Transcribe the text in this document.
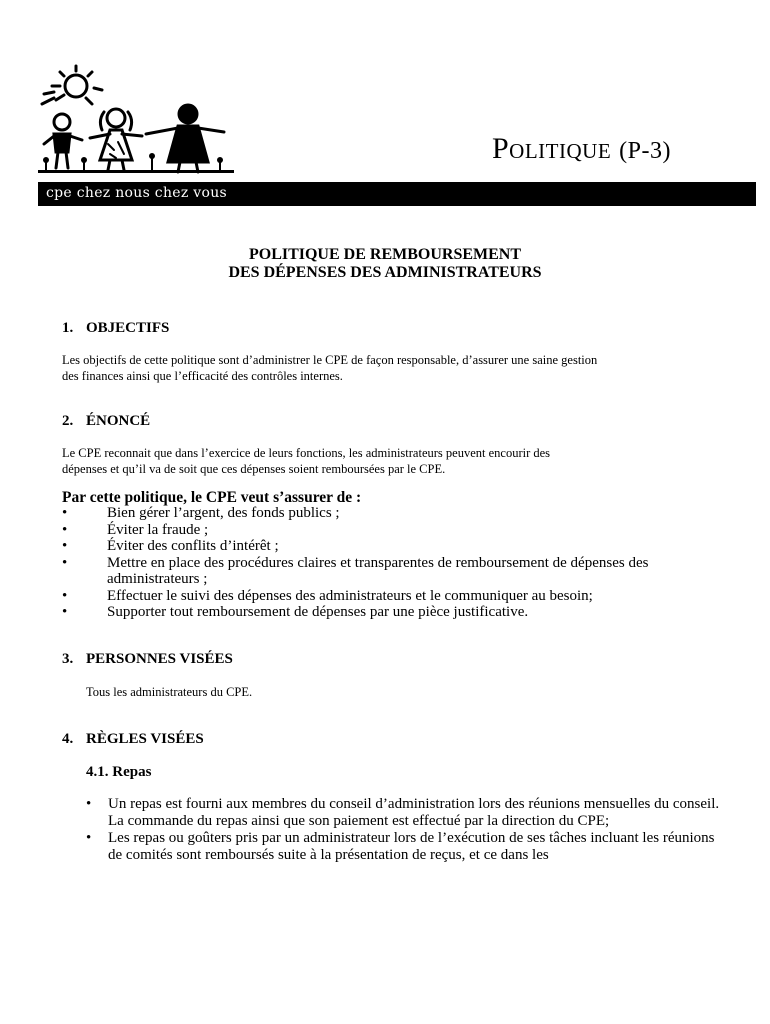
Politique (P-3)
cpe chez nous chez vous
POLITIQUE DE REMBOURSEMENT
DES DÉPENSES DES ADMINISTRATEURS
1. OBJECTIFS
Les objectifs de cette politique sont d’administrer le CPE de façon responsable, d’assurer une saine gestion
des finances ainsi que l’efficacité des contrôles internes.
2. ÉNONCÉ
Le CPE reconnait que dans l’exercice de leurs fonctions, les administrateurs peuvent encourir des
dépenses et qu’il va de soit que ces dépenses soient remboursées par le CPE.
Par cette politique, le CPE veut s’assurer de :
•	Bien gérer l’argent, des fonds publics ;
•	Éviter la fraude ;
•	Éviter des conflits d’intérêt ;
•	Mettre en place des procédures claires et transparentes de remboursement de dépenses des administrateurs ;
•	Effectuer le suivi des dépenses des administrateurs et le communiquer au besoin;
•	Supporter tout remboursement de dépenses par une pièce justificative.
3. PERSONNES VISÉES
Tous les administrateurs du CPE.
4. RÈGLES VISÉES
4.1. Repas
• Un repas est fourni aux membres du conseil d’administration lors des réunions mensuelles du conseil. La commande du repas ainsi que son paiement est effectué par la direction du CPE;
• Les repas ou goûters pris par un administrateur lors de l’exécution de ses tâches incluant les réunions de comités sont remboursés suite à la présentation de reçus, et ce dans les
